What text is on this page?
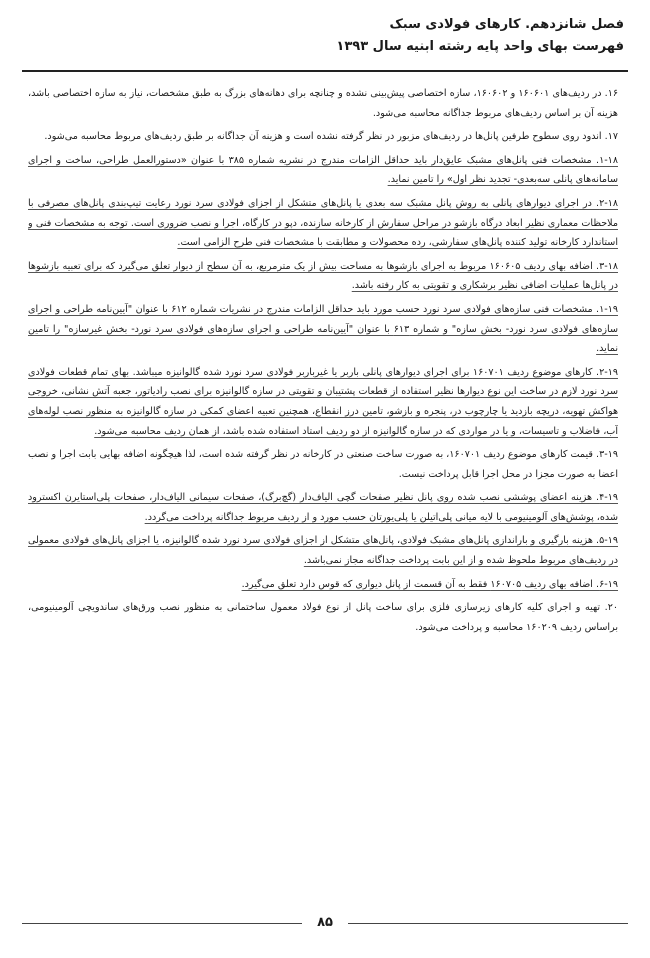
فصل شانزدهم. کارهای فولادی سبک
فهرست بهای واحد پایه رشته ابنیه سال ۱۳۹۳

۱۶. در ردیف‌های ۱۶۰۶۰۱ و ۱۶۰۶۰۲، سازه اختصاصی پیش‌بینی نشده و چنانچه برای دهانه‌های بزرگ به طبق مشخصات، نیاز به سازه اختصاصی باشد، هزینه آن بر اساس ردیف‌های مربوط جداگانه محاسبه می‌شود.

۱۷. اندود روی سطوح طرفین پانل‌ها در ردیف‌های مزبور در نظر گرفته نشده است و هزینه آن جداگانه بر طبق ردیف‌های مربوط محاسبه می‌شود.

۱-۱۸. مشخصات فنی پانل‌های مشبک عایق‌دار باید حداقل الزامات مندرج در نشریه شماره ۳۸۵ با عنوان «دستورالعمل طراحی، ساخت و اجرای سامانه‌های پانلی سه‌بعدی- تجدید نظر اول» را تامین نماید.

۲-۱۸. در اجرای دیوارهای پانلی به روش پانل مشبک سه بعدی یا پانل‌های متشکل از اجزای فولادی سرد نورد رعایت تیپ‌بندی پانل‌های مصرفی با ملاحظات معماری نظیر ابعاد درگاه بازشو در مراحل سفارش از کارخانه سازنده، دپو در کارگاه، اجرا و نصب ضروری است. توجه به مشخصات فنی و استاندارد کارخانه تولید کننده پانل‌های سفارشی، رده محصولات و مطابقت با مشخصات فنی طرح الزامی است.

۳-۱۸. اضافه بهای ردیف ۱۶۰۶۰۵ مربوط به اجرای بازشوها به مساحت بیش از یک مترمربع، به آن سطح از دیوار تعلق می‌گیرد که برای تعبیه بازشوها در پانل‌ها عملیات اضافی نظیر برشکاری و تقویتی به کار رفته باشد.

۱-۱۹. مشخصات فنی سازه‌های فولادی سرد نورد حسب مورد باید حداقل الزامات مندرج در نشریات شماره ۶۱۲ با عنوان "آیین‌نامه طراحی و اجرای سازه‌های فولادی سرد نورد- بخش سازه" و شماره ۶۱۳ با عنوان "آیین‌نامه طراحی و اجرای سازه‌های فولادی سرد نورد- بخش غیرسازه" را تامین نماید.

۲-۱۹. کارهای موضوع ردیف ۱۶۰۷۰۱ برای اجرای دیوارهای پانلی باربر یا غیرباربر فولادی سرد نورد شده گالوانیزه میباشد. بهای تمام قطعات فولادی سرد نورد لازم در ساخت این نوع دیوارها نظیر استفاده از قطعات پشتیبان و تقویتی در سازه گالوانیزه برای نصب رادیاتور، جعبه آتش نشانی، خروجی هواکش تهویه، دریچه بازدید یا چارچوب در، پنجره و بازشو، تامین درز انقطاع، همچنین تعبیه اعضای کمکی در سازه گالوانیزه به منظور نصب لوله‌های آب، فاضلاب و تاسیسات، و یا در مواردی که در سازه گالوانیزه از دو ردیف استاد استفاده شده باشد، از همان ردیف محاسبه می‌شود.

۳-۱۹. قیمت کارهای موضوع ردیف ۱۶۰۷۰۱، به صورت ساخت صنعتی در کارخانه در نظر گرفته شده است، لذا هیچگونه اضافه بهایی بابت اجرا و نصب اعضا به صورت مجزا در محل اجرا قابل پرداخت نیست.

۴-۱۹. هزینه اعضای پوششی نصب شده روی پانل نظیر صفحات گچی الیاف‌دار (گچ‌برگ)، صفحات سیمانی الیاف‌دار، صفحات پلی‌استایرن اکسترود شده، پوشش‌های آلومینیومی با لایه میانی پلی‌اتیلن یا پلی‌یورتان حسب مورد و از ردیف مربوط جداگانه پرداخت می‌گردد.

۵-۱۹. هزینه بارگیری و باراندازی پانل‌های مشبک فولادی، پانل‌های متشکل از اجزای فولادی سرد نورد شده گالوانیزه، یا اجزای پانل‌های فولادی معمولی در ردیف‌های مربوط ملحوظ شده و از این بابت پرداخت جداگانه مجاز نمی‌باشد.

۶-۱۹. اضافه بهای ردیف ۱۶۰۷۰۵ فقط به آن قسمت از پانل دیواری که قوس دارد تعلق می‌گیرد.

۲۰. تهیه و اجرای کلیه کارهای زیرسازی فلزی برای ساخت پانل از نوع فولاد معمول ساختمانی به منظور نصب ورق‌های ساندویچی آلومینیومی، براساس ردیف ۱۶۰۲۰۹ محاسبه و پرداخت می‌شود.

۸۵
